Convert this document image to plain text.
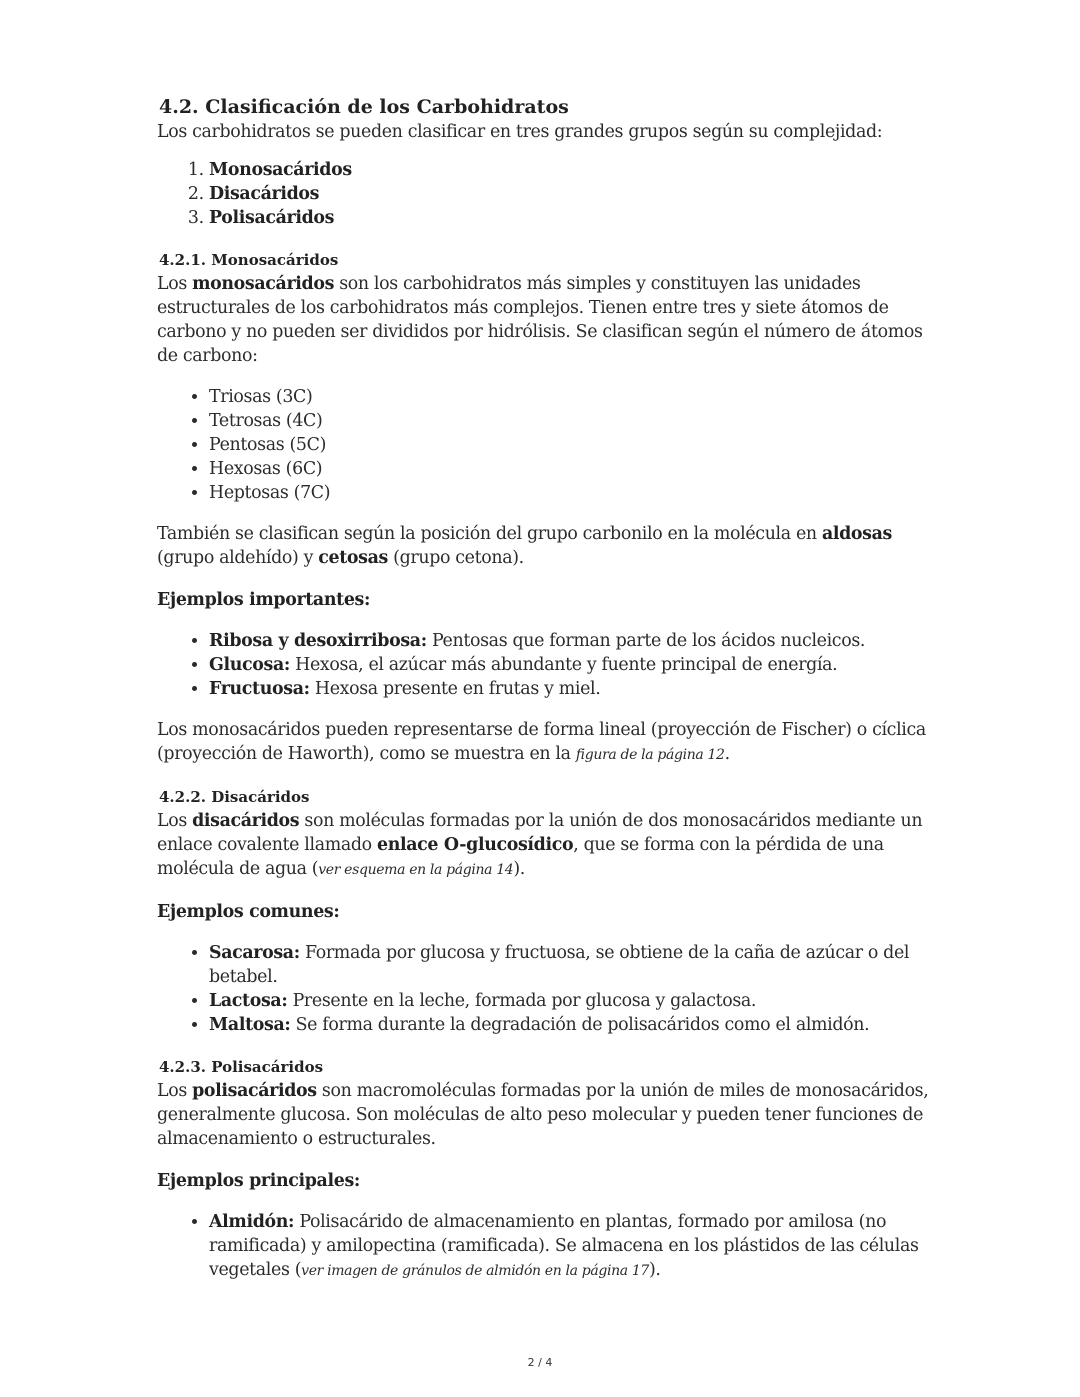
4.2. Clasificación de los Carbohidratos

Los carbohidratos se pueden clasificar en tres grandes grupos según su complejidad:

1. Monosacáridos
2. Disacáridos
3. Polisacáridos
4.2.1. Monosacáridos

Los monosacáridos son los carbohidratos más simples y constituyen las unidades estructurales de los carbohidratos más complejos. Tienen entre tres y siete átomos de carbono y no pueden ser divididos por hidrólisis. Se clasifican según el número de átomos de carbono:

• Triosas (3C)
• Tetrosas (4C)
• Pentosas (5C)
• Hexosas (6C)
• Heptosas (7C)

También se clasifican según la posición del grupo carbonilo en la molécula en aldosas (grupo aldehído) y cetosas (grupo cetona).

Ejemplos importantes:

• Ribosa y desoxirribosa: Pentosas que forman parte de los ácidos nucleicos.
• Glucosa: Hexosa, el azúcar más abundante y fuente principal de energía.
• Fructuosa: Hexosa presente en frutas y miel.

Los monosacáridos pueden representarse de forma lineal (proyección de Fischer) o cíclica (proyección de Haworth), como se muestra en la figura de la página 12.

4.2.2. Disacáridos

Los disacáridos son moléculas formadas por la unión de dos monosacáridos mediante un enlace covalente llamado enlace O-glucosídico, que se forma con la pérdida de una molécula de agua (ver esquema en la página 14).

Ejemplos comunes:

• Sacarosa: Formada por glucosa y fructuosa, se obtiene de la caña de azúcar o del betabel.
• Lactosa: Presente en la leche, formada por glucosa y galactosa.
• Maltosa: Se forma durante la degradación de polisacáridos como el almidón.
4.2.3. Polisacáridos

Los polisacáridos son macromoléculas formadas por la unión de miles de monosacáridos, generalmente glucosa. Son moléculas de alto peso molecular y pueden tener funciones de almacenamiento o estructurales.

Ejemplos principales:

• Almidón: Polisacárido de almacenamiento en plantas, formado por amilosa (no ramificada) y amilopectina (ramificada). Se almacena en los plástidos de las células vegetales (ver imagen de gránulos de almidón en la página 17).
2 / 4
